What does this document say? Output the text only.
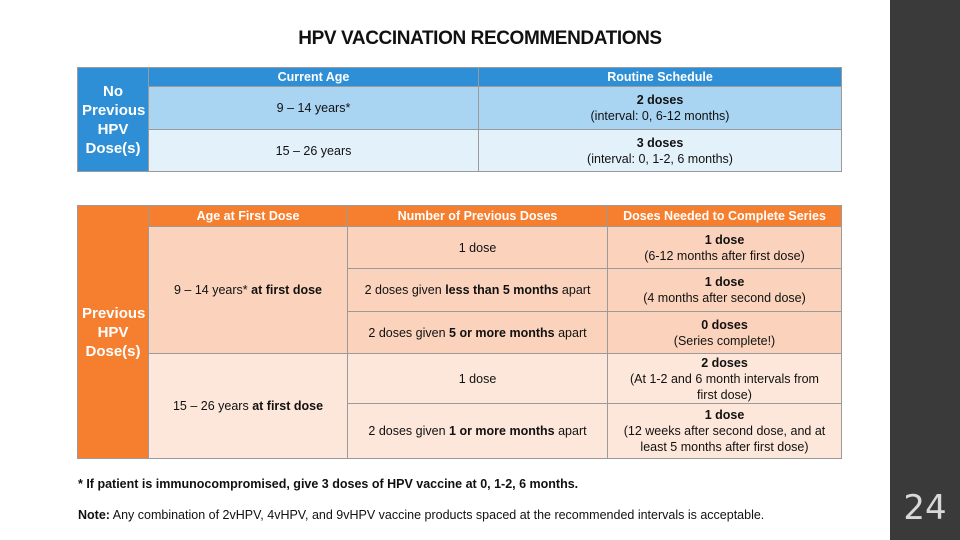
24
HPV VACCINATION RECOMMENDATIONS
No
Previous
HPV
Dose(s)	Current Age	Routine Schedule
	9 – 14 years*	2 doses
(interval: 0, 6-12 months)
	15 – 26 years	3 doses
(interval: 0, 1-2, 6 months)
Previous
HPV
Dose(s)	Age at First Dose	Number of Previous Doses	Doses Needed to Complete Series
	9 – 14 years* at first dose	1 dose	1 dose
(6-12 months after first dose)
		2 doses given less than 5 months apart	1 dose
(4 months after second dose)
		2 doses given 5 or more months apart	0 doses
(Series complete!)
	15 – 26 years at first dose	1 dose	2 doses
(At 1-2 and 6 month intervals from
first dose)
		2 doses given 1 or more months apart	1 dose
(12 weeks after second dose, and at
least 5 months after first dose)
* If patient is immunocompromised, give 3 doses of HPV vaccine at 0, 1-2, 6 months.
Note: Any combination of 2vHPV, 4vHPV, and 9vHPV vaccine products spaced at the recommended intervals is acceptable.
